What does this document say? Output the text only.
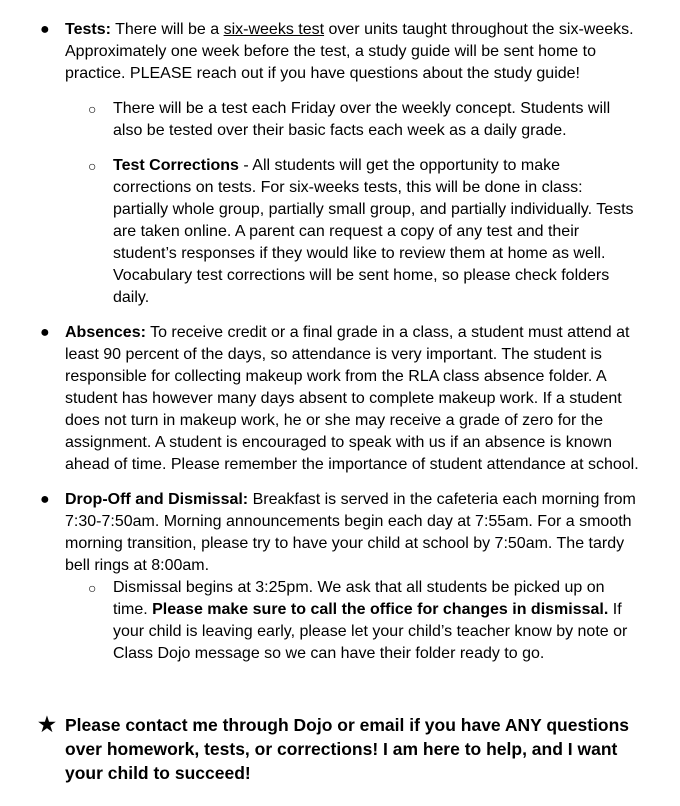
● Tests: There will be a six-weeks test over units taught throughout the six-weeks. Approximately one week before the test, a study guide will be sent home to practice. PLEASE reach out if you have questions about the study guide!
○ There will be a test each Friday over the weekly concept. Students will also be tested over their basic facts each week as a daily grade.
○ Test Corrections - All students will get the opportunity to make corrections on tests. For six-weeks tests, this will be done in class: partially whole group, partially small group, and partially individually. Tests are taken online. A parent can request a copy of any test and their student’s responses if they would like to review them at home as well. Vocabulary test corrections will be sent home, so please check folders daily.
● Absences: To receive credit or a final grade in a class, a student must attend at least 90 percent of the days, so attendance is very important. The student is responsible for collecting makeup work from the RLA class absence folder. A student has however many days absent to complete makeup work. If a student does not turn in makeup work, he or she may receive a grade of zero for the assignment. A student is encouraged to speak with us if an absence is known ahead of time. Please remember the importance of student attendance at school.
● Drop-Off and Dismissal: Breakfast is served in the cafeteria each morning from 7:30-7:50am. Morning announcements begin each day at 7:55am. For a smooth morning transition, please try to have your child at school by 7:50am. The tardy bell rings at 8:00am.
○ Dismissal begins at 3:25pm. We ask that all students be picked up on time. Please make sure to call the office for changes in dismissal. If your child is leaving early, please let your child’s teacher know by note or Class Dojo message so we can have their folder ready to go.
★ Please contact me through Dojo or email if you have ANY questions over homework, tests, or corrections! I am here to help, and I want your child to succeed!
